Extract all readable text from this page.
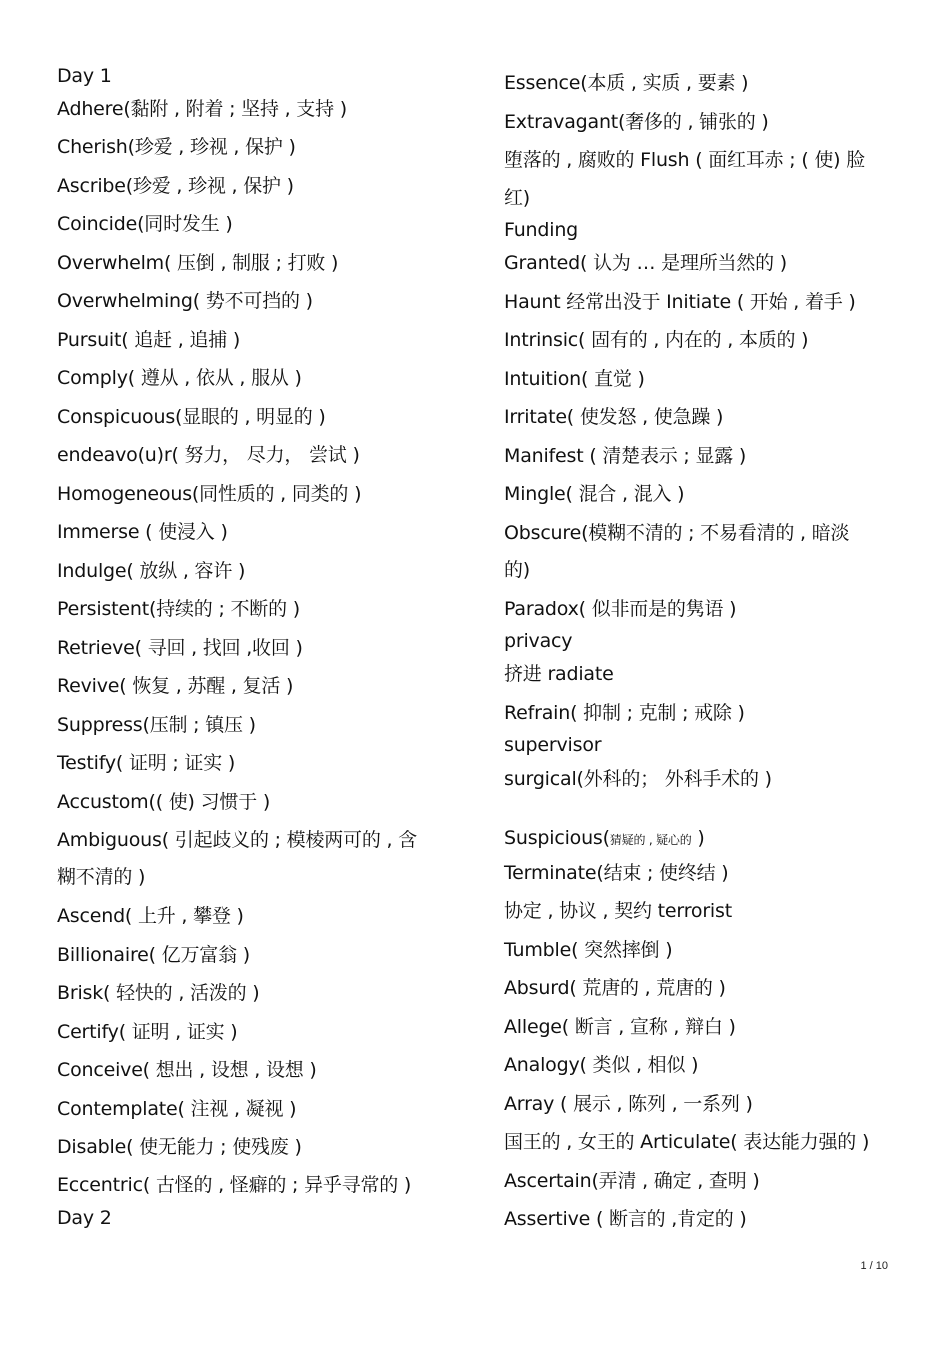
Day 1
Adhere(黏附 , 附着 ; 坚持 , 支持 )
Cherish(珍爱 , 珍视 , 保护 )
Ascribe(珍爱 , 珍视 , 保护 )
Coincide(同时发生 )
Overwhelm( 压倒 , 制服 ; 打败 )
Overwhelming( 势不可挡的 )
Pursuit( 追赶 , 追捕 )
Comply( 遵从 , 依从 , 服从 )
Conspicuous(显眼的 , 明显的 )
endeavo(u)r( 努力， 尽力， 尝试 )
Homogeneous(同性质的 , 同类的 )
Immerse ( 使浸入 )
Indulge( 放纵 , 容许 )
Persistent(持续的 ; 不断的 )
Retrieve( 寻回 , 找回 ,收回 )
Revive( 恢复 , 苏醒 , 复活 )
Suppress(压制 ; 镇压 )
Testify( 证明 ; 证实 )
Accustom(( 使) 习惯于 )
Ambiguous( 引起歧义的 ; 模棱两可的 , 含
糊不清的 )
Ascend( 上升 , 攀登 )
Billionaire( 亿万富翁 )
Brisk( 轻快的 , 活泼的 )
Certify( 证明 , 证实 )
Conceive( 想出 , 设想 , 设想 )
Contemplate( 注视 , 凝视 )
Disable( 使无能力 ; 使残废 )
Eccentric( 古怪的 , 怪癖的 ; 异乎寻常的 )
Day 2
Essence(本质 , 实质 , 要素 )
Extravagant(奢侈的 , 铺张的 )
堕落的 , 腐败的 Flush ( 面红耳赤 ; ( 使) 脸
红)
Funding
Granted( 认为 … 是理所当然的 )
Haunt 经常出没于 Initiate ( 开始 , 着手 )
Intrinsic( 固有的 , 内在的 , 本质的 )
Intuition( 直觉 )
Irritate( 使发怒 , 使急躁 )
Manifest ( 清楚表示 ; 显露 )
Mingle( 混合 , 混入 )
Obscure(模糊不清的 ; 不易看清的 , 暗淡
的)
Paradox( 似非而是的隽语 )
privacy
挤进 radiate
Refrain( 抑制 ; 克制 ; 戒除 )
supervisor
surgical(外科的； 外科手术的 )
Suspicious(猜疑的 , 疑心的 )
Terminate(结束 ; 使终结 )
协定 , 协议 , 契约 terrorist
Tumble( 突然摔倒 )
Absurd( 荒唐的 , 荒唐的 )
Allege( 断言 , 宣称 , 辩白 )
Analogy( 类似 , 相似 )
Array ( 展示 , 陈列 , 一系列 )
国王的 , 女王的 Articulate( 表达能力强的 )
Ascertain(弄清 , 确定 , 查明 )
Assertive ( 断言的 ,肯定的 )
1 / 10
